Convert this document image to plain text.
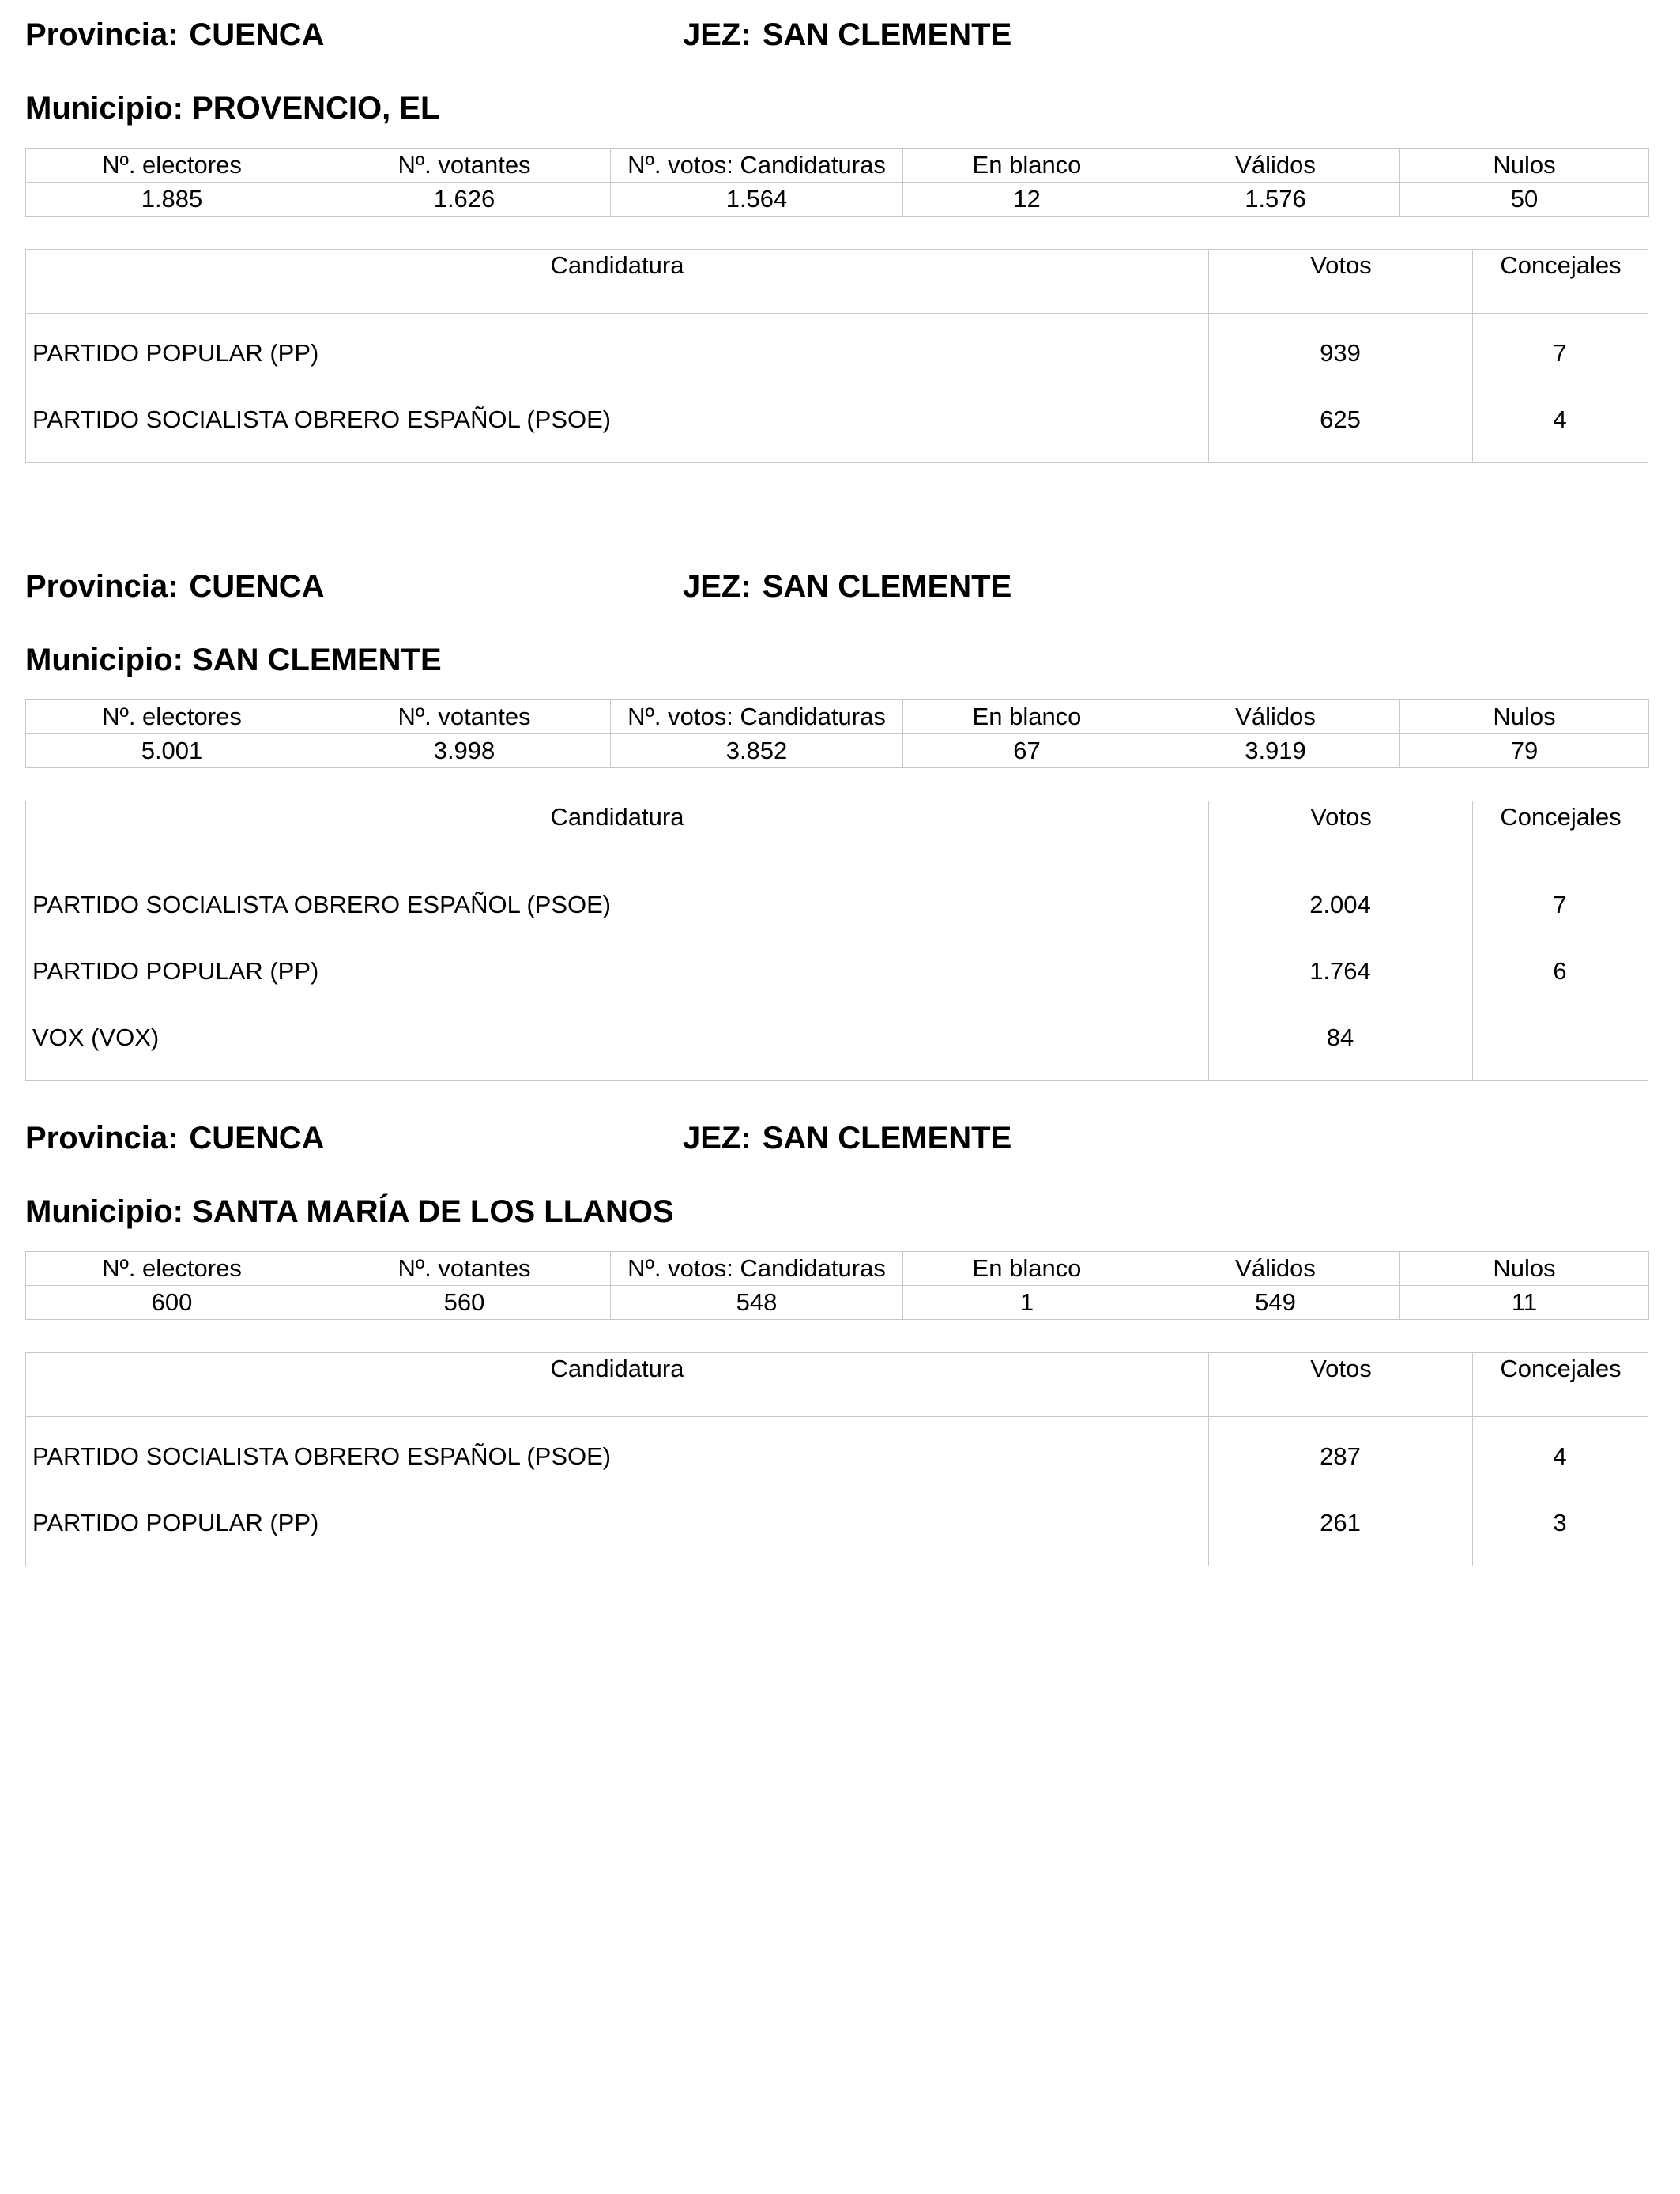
Provincia: CUENCA	JEZ: SAN CLEMENTE
Municipio: PROVENCIO, EL
Nº. electores	Nº. votantes	Nº. votos: Candidaturas	En blanco	Válidos	Nulos
1.885	1.626	1.564	12	1.576	50
Candidatura	Votos	Concejales
PARTIDO POPULAR (PP)	939	7
PARTIDO SOCIALISTA OBRERO ESPAÑOL (PSOE)	625	4
Provincia: CUENCA	JEZ: SAN CLEMENTE
Municipio: SAN CLEMENTE
Nº. electores	Nº. votantes	Nº. votos: Candidaturas	En blanco	Válidos	Nulos
5.001	3.998	3.852	67	3.919	79
Candidatura	Votos	Concejales
PARTIDO SOCIALISTA OBRERO ESPAÑOL (PSOE)	2.004	7
PARTIDO POPULAR (PP)	1.764	6
VOX (VOX)	84
Provincia: CUENCA	JEZ: SAN CLEMENTE
Municipio: SANTA MARÍA DE LOS LLANOS
Nº. electores	Nº. votantes	Nº. votos: Candidaturas	En blanco	Válidos	Nulos
600	560	548	1	549	11
Candidatura	Votos	Concejales
PARTIDO SOCIALISTA OBRERO ESPAÑOL (PSOE)	287	4
PARTIDO POPULAR (PP)	261	3
